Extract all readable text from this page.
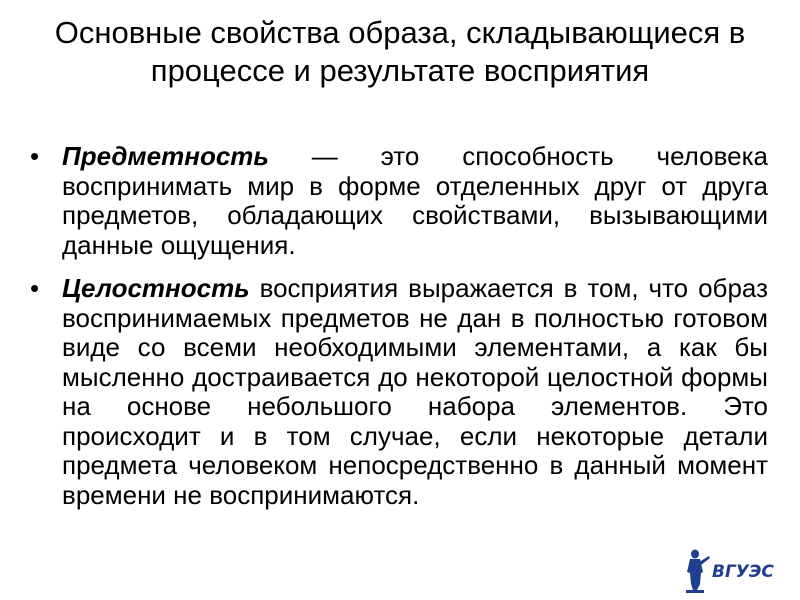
Основные свойства образа, складывающиеся в процессе и результате восприятия
• Предметность — это способность человека воспринимать мир в форме отделенных друг от друга предметов, обладающих свойствами, вызывающими данные ощущения.
• Целостность восприятия выражается в том, что образ воспринимаемых предметов не дан в полностью готовом виде со всеми необходимыми элементами, а как бы мысленно достраивается до некоторой целостной формы на основе небольшого набора элементов. Это происходит и в том случае, если некоторые детали предмета человеком непосредственно в данный момент времени не воспринимаются.
ВГУЭС
